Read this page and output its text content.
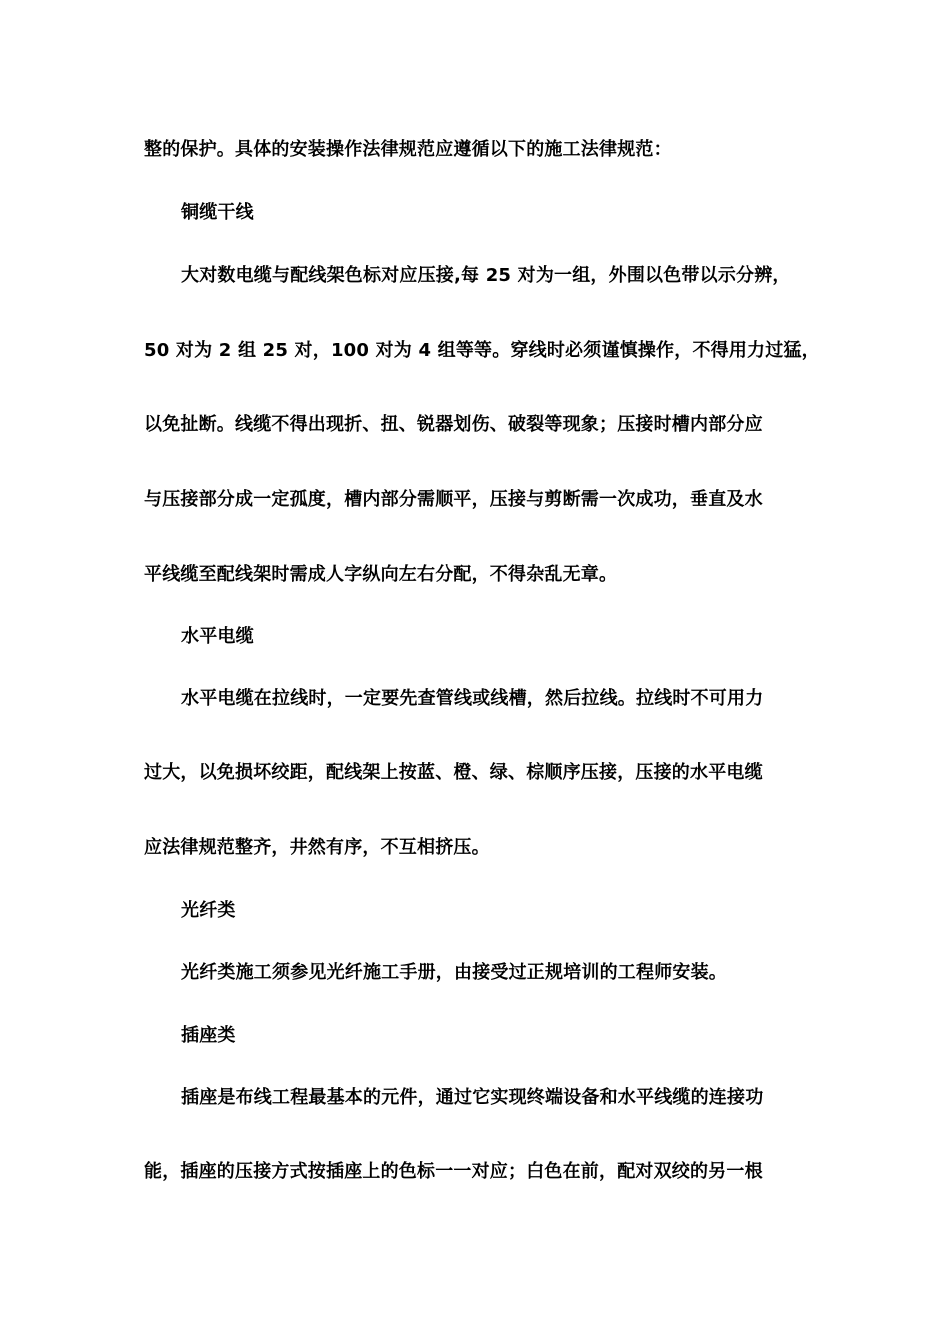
整的保护。具体的安装操作法律规范应遵循以下的施工法律规范：
铜缆干线
大对数电缆与配线架色标对应压接,每 25 对为一组，外围以色带以示分辨，
50 对为 2 组 25 对，100 对为 4 组等等。穿线时必须谨慎操作，不得用力过猛，
以免扯断。线缆不得出现折、扭、锐器划伤、破裂等现象；压接时槽内部分应
与压接部分成一定孤度，槽内部分需顺平，压接与剪断需一次成功，垂直及水
平线缆至配线架时需成人字纵向左右分配，不得杂乱无章。
水平电缆
水平电缆在拉线时，一定要先查管线或线槽，然后拉线。拉线时不可用力
过大，以免损坏绞距，配线架上按蓝、橙、绿、棕顺序压接，压接的水平电缆
应法律规范整齐，井然有序，不互相挤压。
光纤类
光纤类施工须参见光纤施工手册，由接受过正规培训的工程师安装。
插座类
插座是布线工程最基本的元件，通过它实现终端设备和水平线缆的连接功
能，插座的压接方式按插座上的色标一一对应；白色在前，配对双绞的另一根
